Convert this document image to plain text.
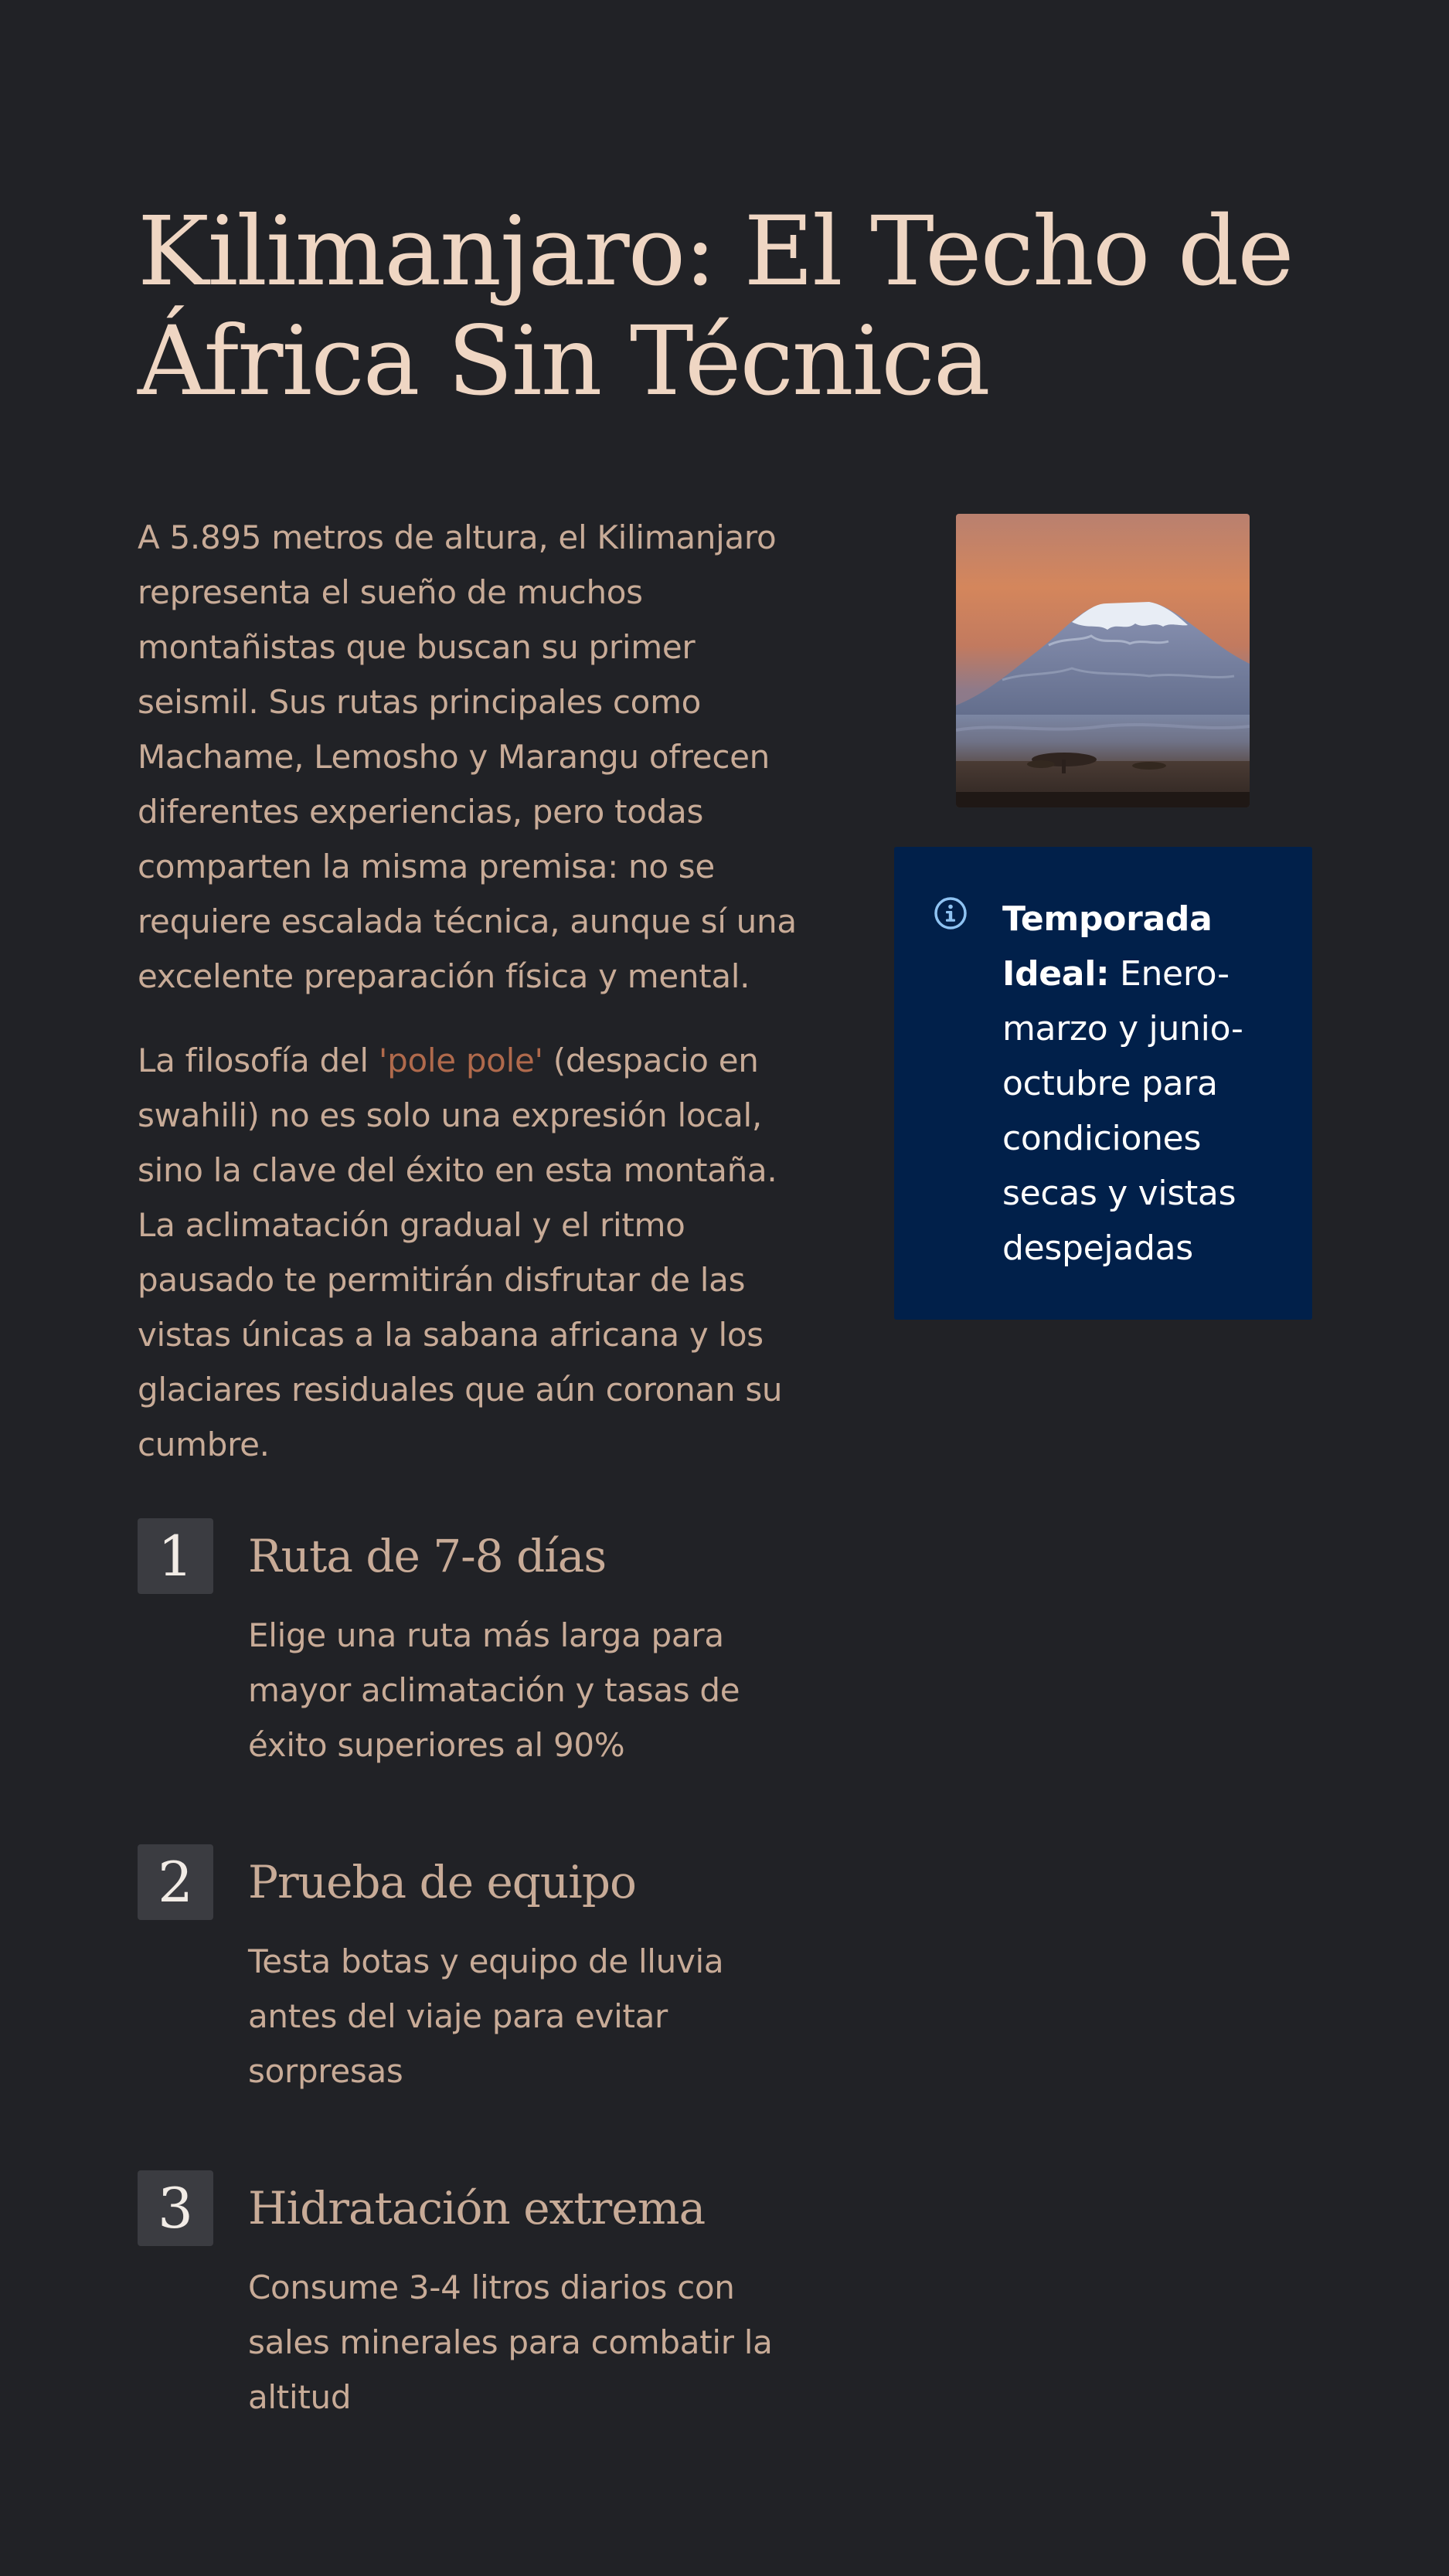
Kilimanjaro: El Techo de
África Sin Técnica

A 5.895 metros de altura, el Kilimanjaro representa el sueño de muchos montañistas que buscan su primer seismil. Sus rutas principales como Machame, Lemosho y Marangu ofrecen diferentes experiencias, pero todas comparten la misma premisa: no se requiere escalada técnica, aunque sí una excelente preparación física y mental.

La filosofía del 'pole pole' (despacio en swahili) no es solo una expresión local, sino la clave del éxito en esta montaña. La aclimatación gradual y el ritmo pausado te permitirán disfrutar de las vistas únicas a la sabana africana y los glaciares residuales que aún coronan su cumbre.

1	Ruta de 7-8 días

Elige una ruta más larga para mayor aclimatación y tasas de éxito superiores al 90%

2	Prueba de equipo

Testa botas y equipo de lluvia antes del viaje para evitar sorpresas

3	Hidratación extrema

Consume 3-4 litros diarios con sales minerales para combatir la altitud

Temporada Ideal: Enero-marzo y junio-octubre para condiciones secas y vistas despejadas
